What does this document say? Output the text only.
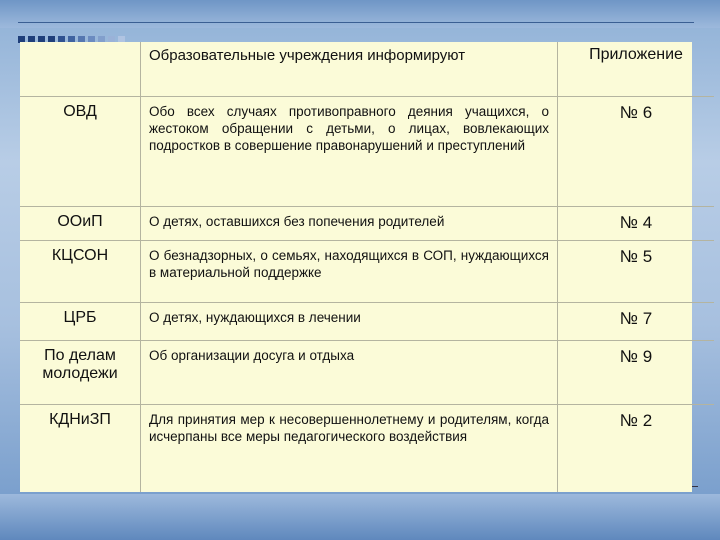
	Образовательные учреждения информируют	Приложение
ОВД	Обо всех случаях противоправного деяния учащихся, о жестоком обращении с детьми, о лицах, вовлекающих подростков в совершение правонарушений и преступлений	№ 6
ООиП	О детях, оставшихся без попечения родителей	№ 4
КЦСОН	О безнадзорных, о семьях, находящихся в СОП, нуждающихся в материальной поддержке	№ 5
ЦРБ	О детях, нуждающихся в лечении	№ 7
По делам молодежи	Об организации досуга и отдыха	№ 9
КДНиЗП	Для принятия мер к несовершеннолетнему и родителям, когда исчерпаны все меры педагогического воздействия	№ 2
